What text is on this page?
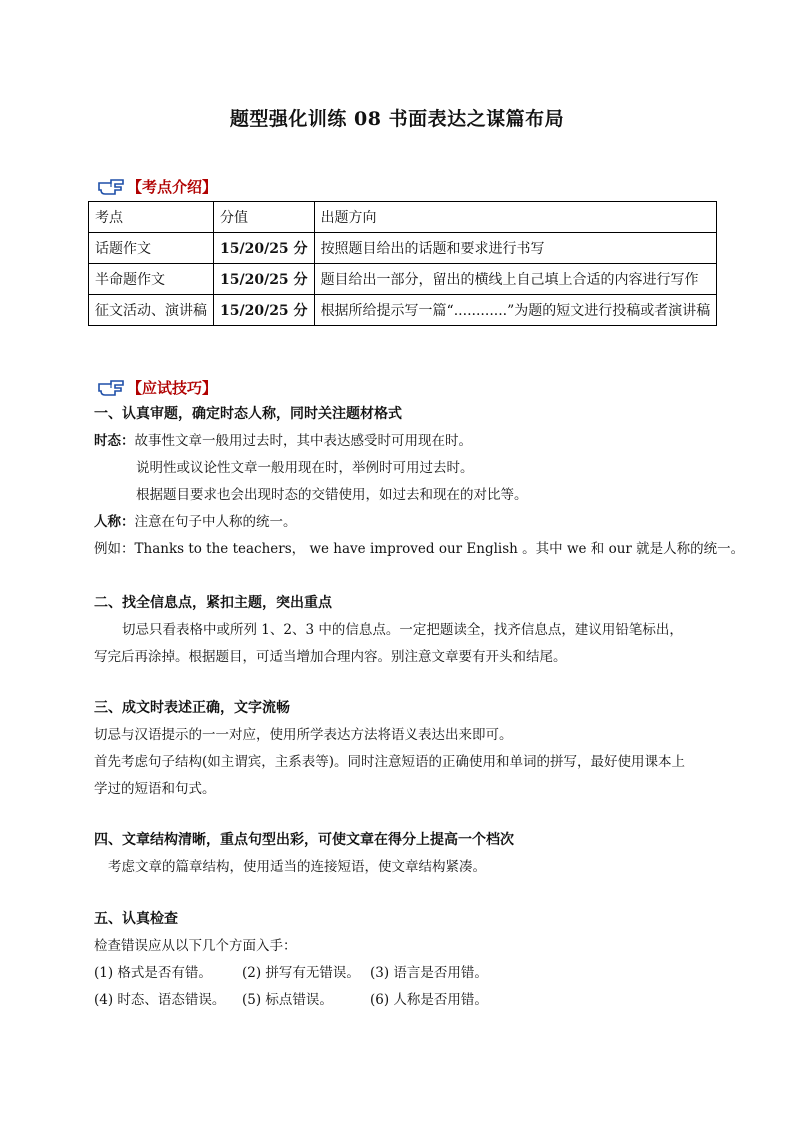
题型强化训练 08 书面表达之谋篇布局
【考点介绍】
考点	分值	出题方向
话题作文	15/20/25 分	按照题目给出的话题和要求进行书写
半命题作文	15/20/25 分	题目给出一部分，留出的横线上自己填上合适的内容进行写作
征文活动、演讲稿	15/20/25 分	根据所给提示写一篇“............”为题的短文进行投稿或者演讲稿
【应试技巧】
一、认真审题，确定时态人称，同时关注题材格式
时态：故事性文章一般用过去时，其中表达感受时可用现在时。
说明性或议论性文章一般用现在时，举例时可用过去时。
根据题目要求也会出现时态的交错使用，如过去和现在的对比等。
人称：注意在句子中人称的统一。
例如：Thanks to the teachers， we have improved our English 。其中 we 和 our 就是人称的统一。
二、找全信息点，紧扣主题，突出重点
切忌只看表格中或所列 1、2、3 中的信息点。一定把题读全，找齐信息点，建议用铅笔标出，
写完后再涂掉。根据题目，可适当增加合理内容。别注意文章要有开头和结尾。
三、成文时表述正确，文字流畅
切忌与汉语提示的一一对应，使用所学表达方法将语义表达出来即可。
首先考虑句子结构(如主谓宾，主系表等)。同时注意短语的正确使用和单词的拼写，最好使用课本上
学过的短语和句式。
四、文章结构清晰，重点句型出彩，可使文章在得分上提高一个档次
考虑文章的篇章结构，使用适当的连接短语，使文章结构紧凑。
五、认真检查
检查错误应从以下几个方面入手：
(1) 格式是否有错。	(2) 拼写有无错误。 (3) 语言是否用错。
(4) 时态、语态错误。	(5) 标点错误。	(6) 人称是否用错。
